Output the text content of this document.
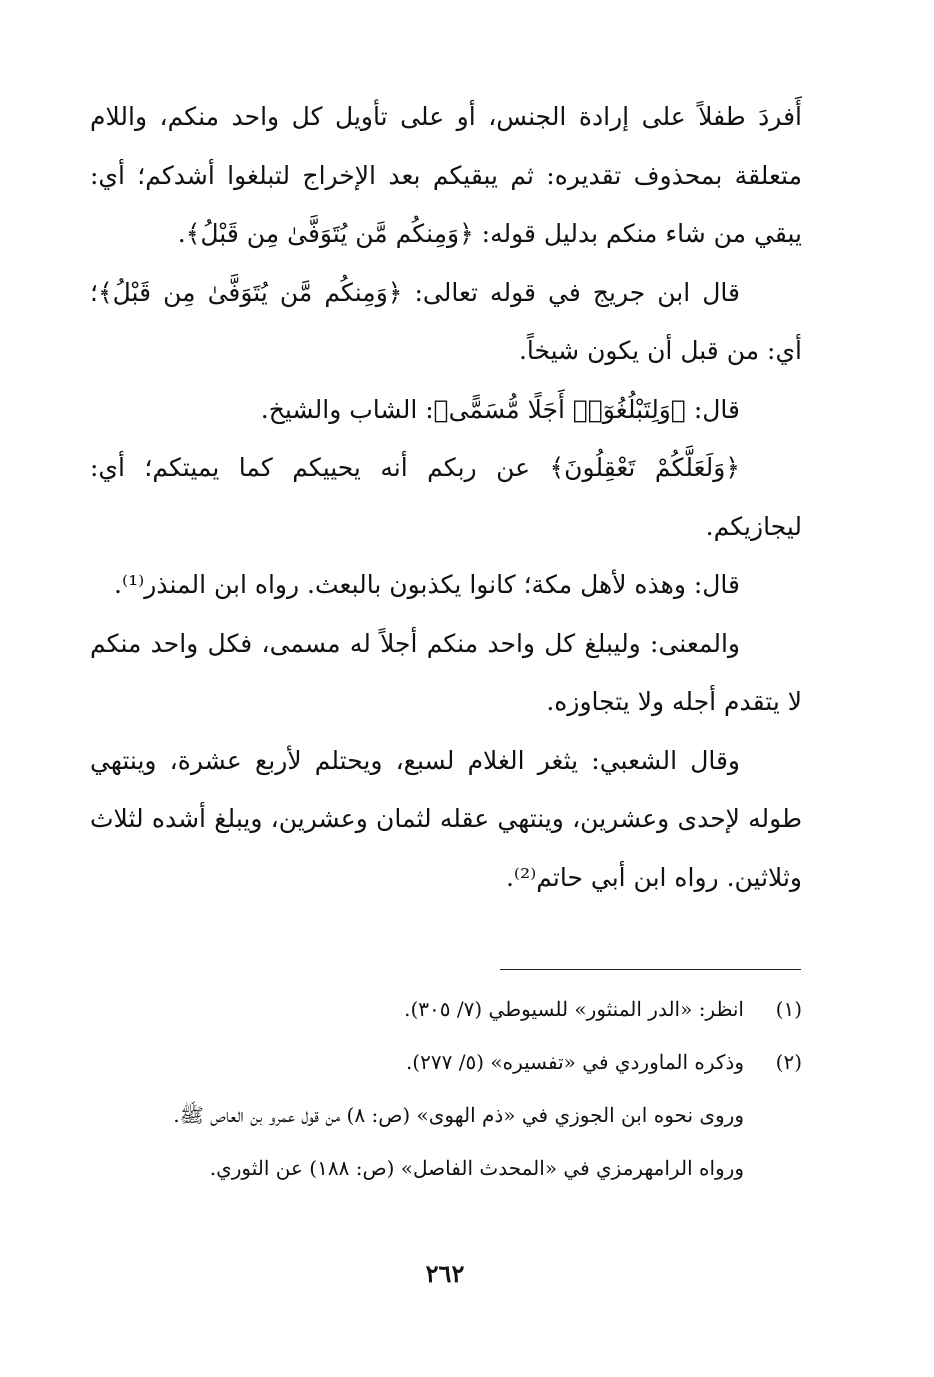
أَفردَ طفلاً على إرادة الجنس، أو على تأويل كل واحد منكم، واللام متعلقة بمحذوف تقديره: ثم يبقيكم بعد الإخراج لتبلغوا أشدكم؛ أي: يبقي من شاء منكم بدليل قوله: ﴿وَمِنكُم مَّن يُتَوَفَّىٰ مِن قَبْلُ﴾.

قال ابن جريج في قوله تعالى: ﴿وَمِنكُم مَّن يُتَوَفَّىٰ مِن قَبْلُ﴾؛ أي: من قبل أن يكون شيخاً.

قال: ﴿وَلِتَبْلُغُوٓا۟ أَجَلًا مُّسَمًّى﴾: الشاب والشيخ.

﴿وَلَعَلَّكُمْ تَعْقِلُونَ﴾ عن ربكم أنه يحييكم كما يميتكم؛ أي: ليجازيكم.

قال: وهذه لأهل مكة؛ كانوا يكذبون بالبعث. رواه ابن المنذر⁽¹⁾.

والمعنى: وليبلغ كل واحد منكم أجلاً له مسمى، فكل واحد منكم لا يتقدم أجله ولا يتجاوزه.

وقال الشعبي: يثغر الغلام لسبع، ويحتلم لأربع عشرة، وينتهي طوله لإحدى وعشرين، وينتهي عقله لثمان وعشرين، ويبلغ أشده لثلاث وثلاثين. رواه ابن أبي حاتم⁽²⁾.

(١)انظر: «الدر المنثور» للسيوطي (٧/ ٣٠٥).

(٢)وذكره الماوردي في «تفسيره» (٥/ ٢٧٧).

وروى نحوه ابن الجوزي في «ذم الهوى» (ص: ٨) من قول عمرو بن العاص ﷺ.

ورواه الرامهرمزي في «المحدث الفاصل» (ص: ١٨٨) عن الثوري.

٢٦٢
